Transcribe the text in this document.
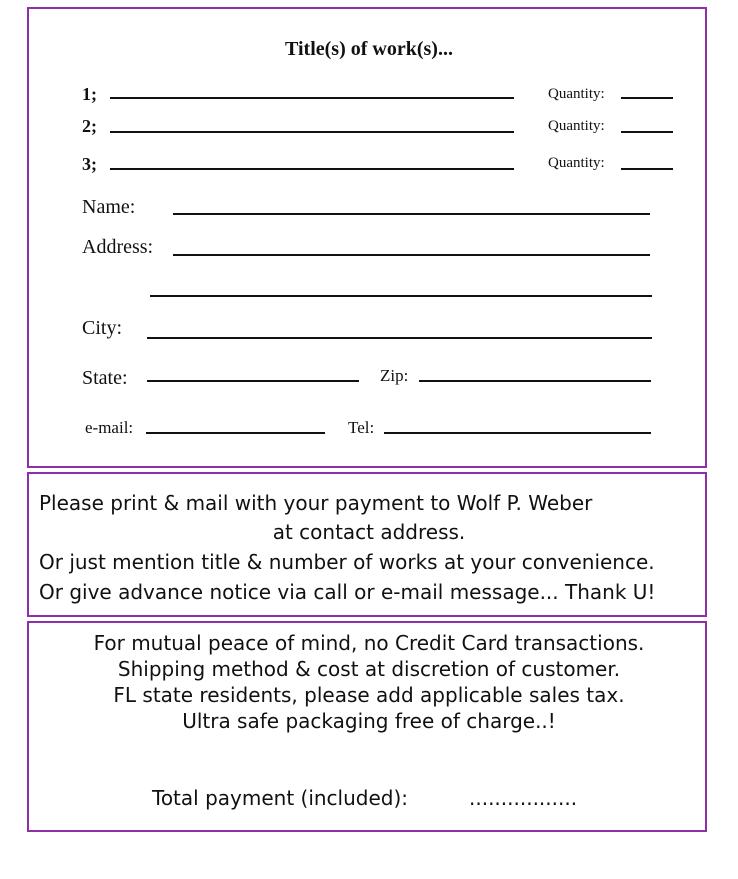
Title(s) of work(s)...
1;	Quantity:
2;	Quantity:
3;	Quantity:
Name:
Address:
City:
State:	Zip:
e-mail:	Tel:
Please print & mail with your payment to Wolf P. Weber
at contact address.
Or just mention title & number of works at your convenience.
Or give advance notice via call or e-mail message... Thank U!
For mutual peace of mind, no Credit Card transactions.
Shipping method & cost at discretion of customer.
FL state residents, please add applicable sales tax.
Ultra safe packaging free of charge..!
Total payment (included):	.................
